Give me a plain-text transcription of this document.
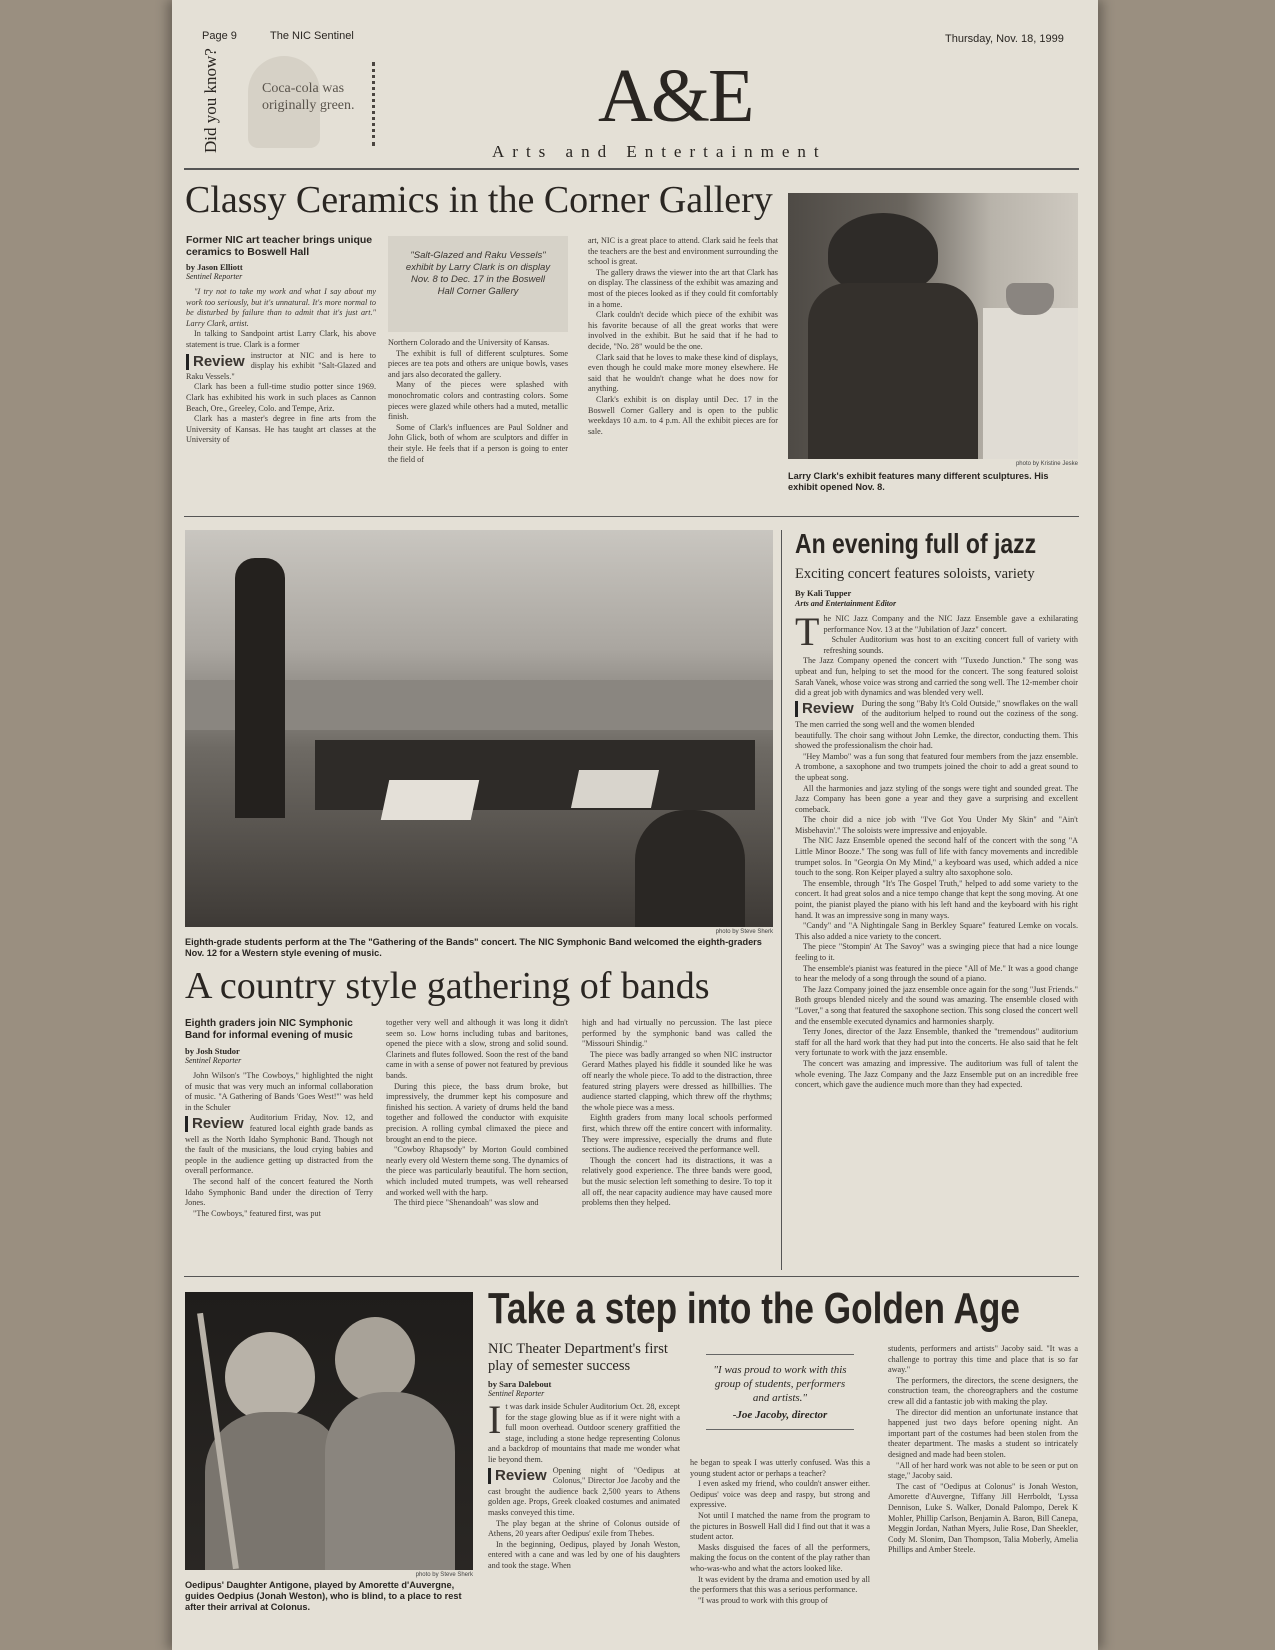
Page 9	The NIC Sentinel	Thursday, Nov. 18, 1999
Did you know?	Coca-cola was originally green.	A&E
Arts and Entertainment
Classy Ceramics in the Corner Gallery
Former NIC art teacher brings unique ceramics to Boswell Hall
by Jason Elliott
Sentinel Reporter

"I try not to take my work and what I say about my work too seriously, but it's unnatural. It's more normal to be disturbed by failure than to admit that it's just art." Larry Clark, artist.

In talking to Sandpoint artist Larry Clark, his above statement is true. Clark is a former

Review instructor at NIC and is here to display his exhibit "Salt-Glazed and Raku Vessels."

Clark has been a full-time studio potter since 1969. Clark has exhibited his work in such places as Cannon Beach, Ore., Greeley, Colo. and Tempe, Ariz.

Clark has a master's degree in fine arts from the University of Kansas. He has taught art classes at the University of

"Salt-Glazed and Raku Vessels" exhibit by Larry Clark is on display Nov. 8 to Dec. 17 in the Boswell Hall Corner Gallery

Northern Colorado and the University of Kansas.

The exhibit is full of different sculptures. Some pieces are tea pots and others are unique bowls, vases and jars also decorated the gallery.

Many of the pieces were splashed with monochromatic colors and contrasting colors. Some pieces were glazed while others had a muted, metallic finish.

Some of Clark's influences are Paul Soldner and John Glick, both of whom are sculptors and differ in their style. He feels that if a person is going to enter the field of

art, NIC is a great place to attend. Clark said he feels that the teachers are the best and environment surrounding the school is great.

The gallery draws the viewer into the art that Clark has on display. The classiness of the exhibit was amazing and most of the pieces looked as if they could fit comfortably in a home.

Clark couldn't decide which piece of the exhibit was his favorite because of all the great works that were involved in the exhibit. But he said that if he had to decide, "No. 28" would be the one.

Clark said that he loves to make these kind of displays, even though he could make more money elsewhere. He said that he wouldn't change what he does now for anything.

Clark's exhibit is on display until Dec. 17 in the Boswell Corner Gallery and is open to the public weekdays 10 a.m. to 4 p.m. All the exhibit pieces are for sale.

photo by Kristine Jeske
Larry Clark's exhibit features many different sculptures. His exhibit opened Nov. 8.
photo by Steve Sherk
Eighth-grade students perform at the The "Gathering of the Bands" concert. The NIC Symphonic Band welcomed the eighth-graders Nov. 12 for a Western style evening of music.
A country style gathering of bands
Eighth graders join NIC Symphonic Band for informal evening of music
by Josh Studor
Sentinel Reporter

John Wilson's "The Cowboys," highlighted the night of music that was very much an informal collaboration of music. "A Gathering of Bands 'Goes West!'" was held in the Schuler

Review Auditorium Friday, Nov. 12, and featured local eighth grade bands as well as the North Idaho Symphonic Band. Though not the fault of the musicians, the loud crying babies and people in the audience getting up distracted from the overall performance.

The second half of the concert featured the North Idaho Symphonic Band under the direction of Terry Jones.

"The Cowboys," featured first, was put

together very well and although it was long it didn't seem so. Low horns including tubas and baritones, opened the piece with a slow, strong and solid sound. Clarinets and flutes followed. Soon the rest of the band came in with a sense of power not featured by previous bands.

During this piece, the bass drum broke, but impressively, the drummer kept his composure and finished his section. A variety of drums held the band together and followed the conductor with exquisite precision. A rolling cymbal climaxed the piece and brought an end to the piece.

"Cowboy Rhapsody" by Morton Gould combined nearly every old Western theme song. The dynamics of the piece was particularly beautiful. The horn section, which included muted trumpets, was well rehearsed and worked well with the harp.

The third piece "Shenandoah" was slow and

high and had virtually no percussion. The last piece performed by the symphonic band was called the "Missouri Shindig."

The piece was badly arranged so when NIC instructor Gerard Mathes played his fiddle it sounded like he was off nearly the whole piece. To add to the distraction, three featured string players were dressed as hillbillies. The audience started clapping, which threw off the rhythms; the whole piece was a mess.

Eighth graders from many local schools performed first, which threw off the entire concert with informality. They were impressive, especially the drums and flute sections. The audience received the performance well.

Though the concert had its distractions, it was a relatively good experience. The three bands were good, but the music selection left something to desire. To top it all off, the near capacity audience may have caused more problems then they helped.

An evening full of jazz
Exciting concert features soloists, variety
By Kali Tupper
Arts and Entertainment Editor

The NIC Jazz Company and the NIC Jazz Ensemble gave a exhilarating performance Nov. 13 at the "Jubilation of Jazz" concert.

Schuler Auditorium was host to an exciting concert full of variety with refreshing sounds.

The Jazz Company opened the concert with "Tuxedo Junction." The song was upbeat and fun, helping to set the mood for the concert. The song featured soloist Sarah Vanek, whose voice was strong and carried the song well. The 12-member choir did a great job with dynamics and was blended very well.

Review During the song "Baby It's Cold Outside," snowflakes on the wall of the auditorium helped to round out the coziness of the song. The men carried the song well and the women blended

beautifully. The choir sang without John Lemke, the director, conducting them. This showed the professionalism the choir had.

"Hey Mambo" was a fun song that featured four members from the jazz ensemble. A trombone, a saxophone and two trumpets joined the choir to add a great sound to the upbeat song.

All the harmonies and jazz styling of the songs were tight and sounded great. The Jazz Company has been gone a year and they gave a surprising and excellent comeback.

The choir did a nice job with "I've Got You Under My Skin" and "Ain't Misbehavin'." The soloists were impressive and enjoyable.

The NIC Jazz Ensemble opened the second half of the concert with the song "A Little Minor Booze." The song was full of life with fancy movements and incredible trumpet solos. In "Georgia On My Mind," a keyboard was used, which added a nice touch to the song. Ron Keiper played a sultry alto saxophone solo.

The ensemble, through "It's The Gospel Truth," helped to add some variety to the concert. It had great solos and a nice tempo change that kept the song moving. At one point, the pianist played the piano with his left hand and the keyboard with his right hand. It was an impressive song in many ways.

"Candy" and "A Nightingale Sang in Berkley Square" featured Lemke on vocals. This also added a nice variety to the concert.

The piece "Stompin' At The Savoy" was a swinging piece that had a nice lounge feeling to it.

The ensemble's pianist was featured in the piece "All of Me." It was a good change to hear the melody of a song through the sound of a piano.

The Jazz Company joined the jazz ensemble once again for the song "Just Friends." Both groups blended nicely and the sound was amazing. The ensemble closed with "Lover," a song that featured the saxophone section. This song closed the concert well and the ensemble executed dynamics and harmonies sharply.

Terry Jones, director of the Jazz Ensemble, thanked the "tremendous" auditorium staff for all the hard work that they had put into the concerts. He also said that he felt very fortunate to work with the jazz ensemble.

The concert was amazing and impressive. The auditorium was full of talent the whole evening. The Jazz Company and the Jazz Ensemble put on an incredible free concert, which gave the audience much more than they had expected.

photo by Steve Sherk
Oedipus' Daughter Antigone, played by Amorette d'Auvergne, guides Oedpius (Jonah Weston), who is blind, to a place to rest after their arrival at Colonus.
Take a step into the Golden Age
NIC Theater Department's first play of semester success
by Sara Dalebout
Sentinel Reporter

It was dark inside Schuler Auditorium Oct. 28, except for the stage glowing blue as if it were night with a full moon overhead. Outdoor scenery graffitied the stage, including a stone hedge representing Colonus and a backdrop of mountains that made me wonder what lie beyond them.

Review Opening night of "Oedipus at Colonus," Director Joe Jacoby and the cast brought the audience back 2,500 years to Athens golden age. Props, Greek cloaked costumes and animated masks conveyed this time.

The play began at the shrine of Colonus outside of Athens, 20 years after Oedipus' exile from Thebes.

In the beginning, Oedipus, played by Jonah Weston, entered with a cane and was led by one of his daughters and took the stage. When

"I was proud to work with this group of students, performers and artists."
-Joe Jacoby, director

he began to speak I was utterly confused. Was this a young student actor or perhaps a teacher?

I even asked my friend, who couldn't answer either. Oedipus' voice was deep and raspy, but strong and expressive.

Not until I matched the name from the program to the pictures in Boswell Hall did I find out that it was a student actor.

Masks disguised the faces of all the performers, making the focus on the content of the play rather than who-was-who and what the actors looked like.

It was evident by the drama and emotion used by all the performers that this was a serious performance.

"I was proud to work with this group of

students, performers and artists" Jacoby said. "It was a challenge to portray this time and place that is so far away."

The performers, the directors, the scene designers, the construction team, the choreographers and the costume crew all did a fantastic job with making the play.

The director did mention an unfortunate instance that happened just two days before opening night. An important part of the costumes had been stolen from the theater department. The masks a student so intricately designed and made had been stolen.

"All of her hard work was not able to be seen or put on stage," Jacoby said.

The cast of "Oedipus at Colonus" is Jonah Weston, Amorette d'Auvergne, Tiffany Jill Herrboldt, 'Lyssa Dennison, Luke S. Walker, Donald Palompo, Derek K Mohler, Phillip Carlson, Benjamin A. Baron, Bill Canepa, Meggin Jordan, Nathan Myers, Julie Rose, Dan Sheekler, Cody M. Slonim, Dan Thompson, Talia Moberly, Amelia Phillips and Amber Steele.
